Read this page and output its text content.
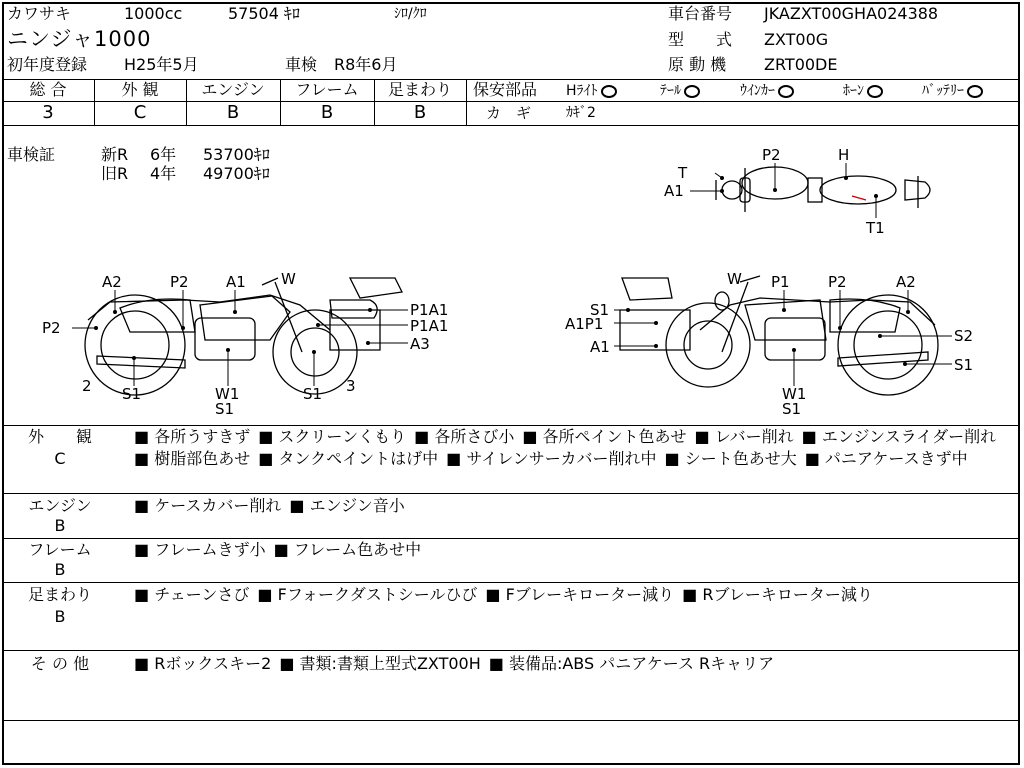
カワサキ	1000cc	57504 ｷﾛ	ｼﾛ/ｸﾛ
ニンジャ1000
初年度登録 H25年5月	車検 R8年6月
車台番号 JKAZXT00GHA024388
型　　式 ZXT00G
原 動 機 ZRT00DE
総 合	外 観	エンジン	フレーム	足まわり
3	C	B	B	B
保安部品 Hﾗｲﾄ	ﾃｰﾙ	ｳｲﾝｶｰ	ﾎｰﾝ	ﾊﾞｯﾃﾘｰ
カ　ギ ｶｷﾞ2
車検証	新R 6年 53700ｷﾛ
旧R 4年 49700ｷﾛ
P2	H
T
A1
T1
A2	P2 A1 W
P2
P1A1
P1A1
A3
2 S1	W1
S1
S1 3
W P1	P2	A2
S1
A1P1
A1
S2
S1
W1
S1
外　　観
C
■ 各所うすきず ■ スクリーンくもり ■ 各所さび小 ■ 各所ペイント色あせ ■ レバー削れ ■ エンジンスライダー削れ■ 樹脂部色あせ ■ タンクペイントはげ中 ■ サイレンサーカバー削れ中 ■ シート色あせ大 ■ パニアケースきず中
エンジン
B
■ ケースカバー削れ ■ エンジン音小
フレーム
B
■ フレームきず小 ■ フレーム色あせ中
足まわり
B
■ チェーンさび ■ Fフォークダストシールひび ■ Fブレーキローター減り ■ Rブレーキローター減り
そ の 他	■ Rボックスキー2 ■ 書類:書類上型式ZXT00H ■ 装備品:ABS パニアケース Rキャリア
